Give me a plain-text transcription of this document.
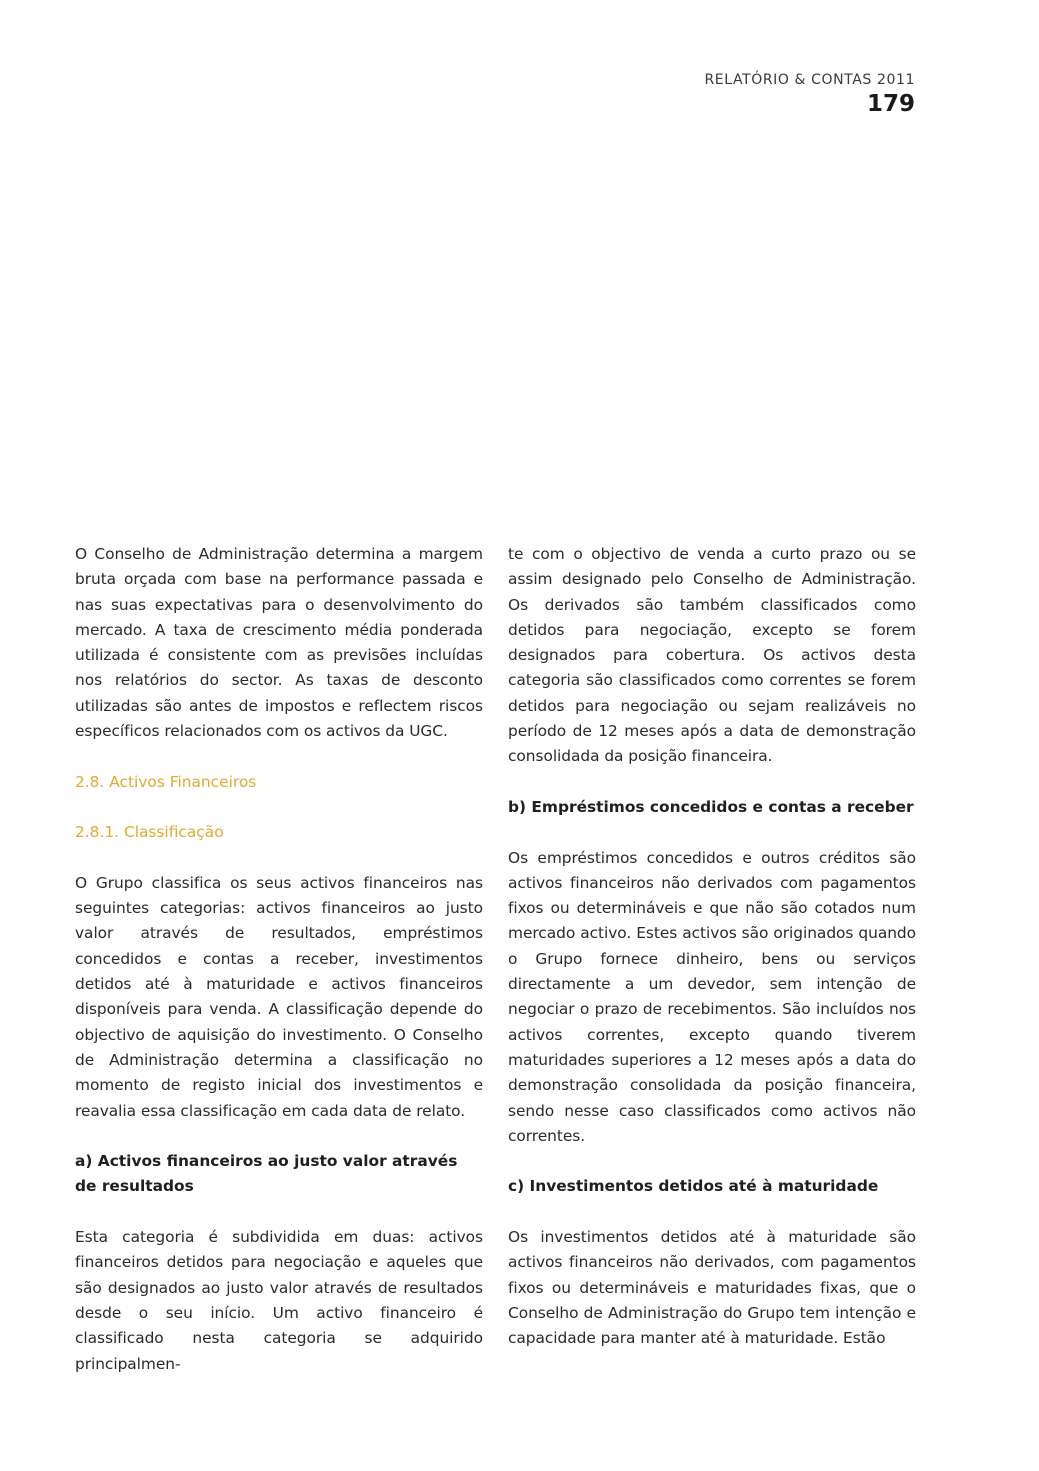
RELATÓRIO & CONTAS 2011
179

O Conselho de Administração determina a margem bruta orçada com base na performance passada e nas suas expectativas para o desenvolvimento do mercado. A taxa de crescimento média ponderada utilizada é consistente com as previsões incluídas nos relatórios do sector. As taxas de desconto utilizadas são antes de impostos e reflectem riscos específicos relacionados com os activos da UGC.

2.8. Activos Financeiros
2.8.1. Classificação

O Grupo classifica os seus activos financeiros nas seguintes categorias: activos financeiros ao justo valor através de resultados, empréstimos concedidos e contas a receber, investimentos detidos até à maturidade e activos financeiros disponíveis para venda. A classificação depende do objectivo de aquisição do investimento. O Conselho de Administração determina a classificação no momento de registo inicial dos investimentos e reavalia essa classificação em cada data de relato.

a) Activos financeiros ao justo valor através de resultados

Esta categoria é subdividida em duas: activos financeiros detidos para negociação e aqueles que são designados ao justo valor através de resultados desde o seu início. Um activo financeiro é classificado nesta categoria se adquirido principalmen-

te com o objectivo de venda a curto prazo ou se assim designado pelo Conselho de Administração. Os derivados são também classificados como detidos para negociação, excepto se forem designados para cobertura. Os activos desta categoria são classificados como correntes se forem detidos para negociação ou sejam realizáveis no período de 12 meses após a data de demonstração consolidada da posição financeira.

b) Empréstimos concedidos e contas a receber

Os empréstimos concedidos e outros créditos são activos financeiros não derivados com pagamentos fixos ou determináveis e que não são cotados num mercado activo. Estes activos são originados quando o Grupo fornece dinheiro, bens ou serviços directamente a um devedor, sem intenção de negociar o prazo de recebimentos. São incluídos nos activos correntes, excepto quando tiverem maturidades superiores a 12 meses após a data do demonstração consolidada da posição financeira, sendo nesse caso classificados como activos não correntes.

c) Investimentos detidos até à maturidade

Os investimentos detidos até à maturidade são activos financeiros não derivados, com pagamentos fixos ou determináveis e maturidades fixas, que o Conselho de Administração do Grupo tem intenção e capacidade para manter até à maturidade. Estão
